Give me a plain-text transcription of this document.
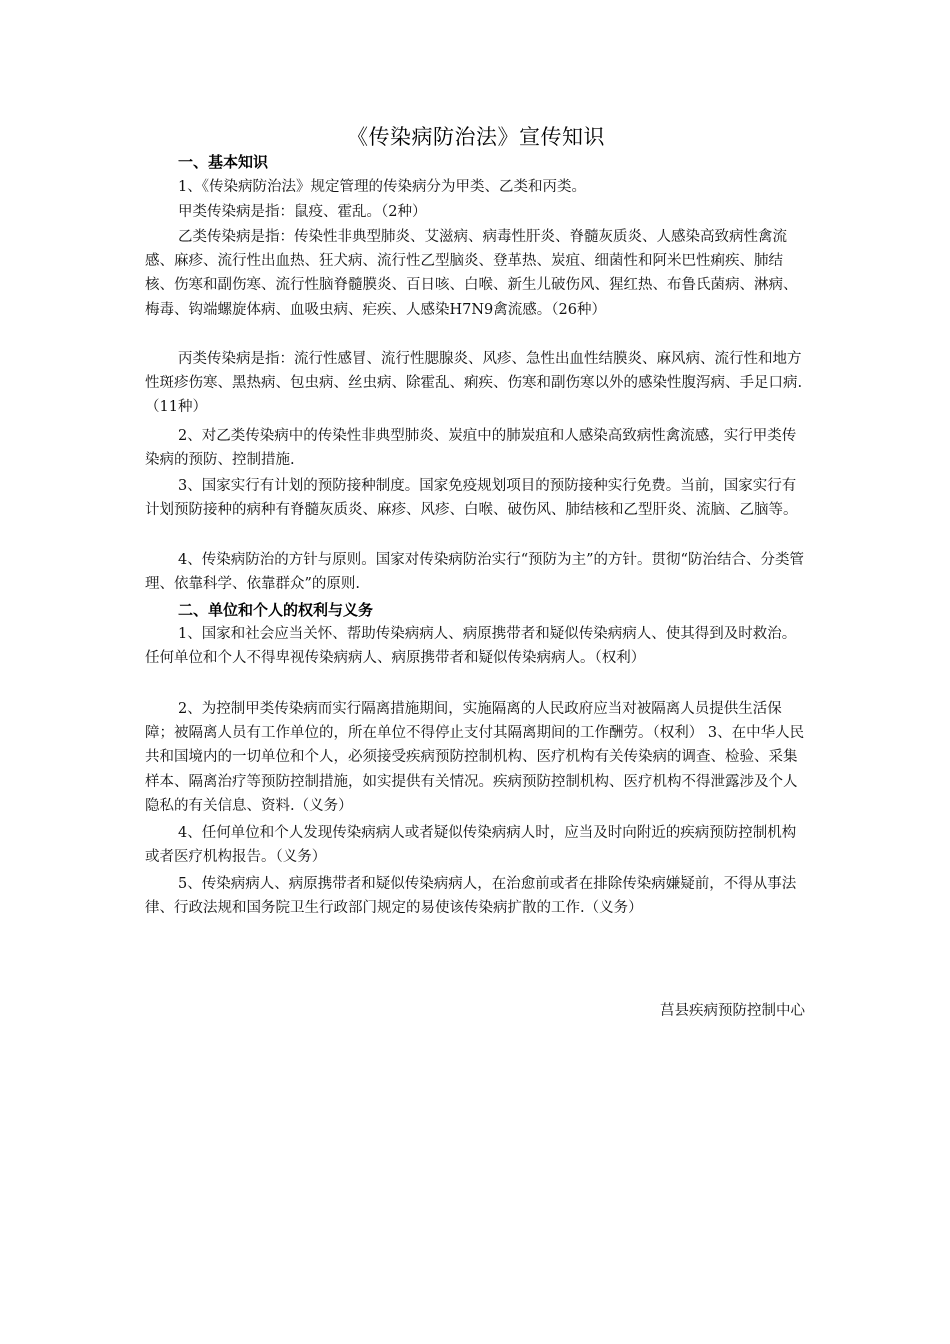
《传染病防治法》宣传知识
一、基本知识

1、《传染病防治法》规定管理的传染病分为甲类、乙类和丙类。

甲类传染病是指：鼠疫、霍乱。（2种）

乙类传染病是指：传染性非典型肺炎、艾滋病、病毒性肝炎、脊髓灰质炎、人感染高致病性禽流感、麻疹、流行性出血热、狂犬病、流行性乙型脑炎、登革热、炭疽、细菌性和阿米巴性痢疾、肺结核、伤寒和副伤寒、流行性脑脊髓膜炎、百日咳、白喉、新生儿破伤风、猩红热、布鲁氏菌病、淋病、梅毒、钩端螺旋体病、血吸虫病、疟疾、人感染H7N9禽流感。（26种）

丙类传染病是指：流行性感冒、流行性腮腺炎、风疹、急性出血性结膜炎、麻风病、流行性和地方性斑疹伤寒、黑热病、包虫病、丝虫病、除霍乱、痢疾、伤寒和副伤寒以外的感染性腹泻病、手足口病.（11种）

2、对乙类传染病中的传染性非典型肺炎、炭疽中的肺炭疽和人感染高致病性禽流感，实行甲类传染病的预防、控制措施.

3、国家实行有计划的预防接种制度。国家免疫规划项目的预防接种实行免费。当前，国家实行有计划预防接种的病种有脊髓灰质炎、麻疹、风疹、白喉、破伤风、肺结核和乙型肝炎、流脑、乙脑等。

4、传染病防治的方针与原则。国家对传染病防治实行“预防为主”的方针。贯彻“防治结合、分类管理、依靠科学、依靠群众”的原则.

二、单位和个人的权利与义务

1、国家和社会应当关怀、帮助传染病病人、病原携带者和疑似传染病病人、使其得到及时救治。任何单位和个人不得卑视传染病病人、病原携带者和疑似传染病病人。（权利）

2、为控制甲类传染病而实行隔离措施期间，实施隔离的人民政府应当对被隔离人员提供生活保障；被隔离人员有工作单位的，所在单位不得停止支付其隔离期间的工作酬劳。（权利） 3、在中华人民共和国境内的一切单位和个人，必须接受疾病预防控制机构、医疗机构有关传染病的调查、检验、采集样本、隔离治疗等预防控制措施，如实提供有关情况。疾病预防控制机构、医疗机构不得泄露涉及个人隐私的有关信息、资料.（义务）

4、任何单位和个人发现传染病病人或者疑似传染病病人时，应当及时向附近的疾病预防控制机构或者医疗机构报告。（义务）

5、传染病病人、病原携带者和疑似传染病病人，在治愈前或者在排除传染病嫌疑前，不得从事法律、行政法规和国务院卫生行政部门规定的易使该传染病扩散的工作.（义务）

莒县疾病预防控制中心
